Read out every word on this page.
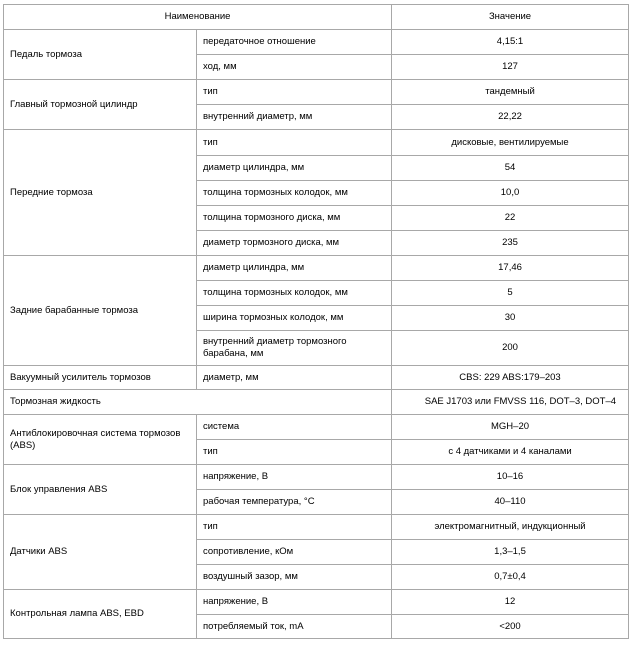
Наименование		Значение
Педаль тормоза	передаточное отношение	4,15:1
	ход, мм	127
Главный тормозной цилиндр	тип	тандемный
	внутренний диаметр, мм	22,22
Передние тормоза	тип	дисковые, вентилируемые
	диаметр цилиндра, мм	54
	толщина тормозных колодок, мм	10,0
	толщина тормозного диска, мм	22
	диаметр тормозного диска, мм	235
Задние барабанные тормоза	диаметр цилиндра, мм	17,46
	толщина тормозных колодок, мм	5
	ширина тормозных колодок, мм	30
	внутренний диаметр тормозного барабана, мм	200
Вакуумный усилитель тормозов	диаметр, мм	CBS: 229 ABS:179–203
Тормозная жидкость		SAE J1703 или FMVSS 116, DOT–3, DOT–4
Антиблокировочная система тормозов (ABS)	система	MGH–20
	тип	с 4 датчиками и 4 каналами
Блок управления ABS	напряжение, В	10–16
	рабочая температура, °С	40–110
Датчики ABS	тип	электромагнитный, индукционный
	сопротивление, кОм	1,3–1,5
	воздушный зазор, мм	0,7±0,4
Контрольная лампа ABS, EBD	напряжение, В	12
	потребляемый ток, mA	<200
